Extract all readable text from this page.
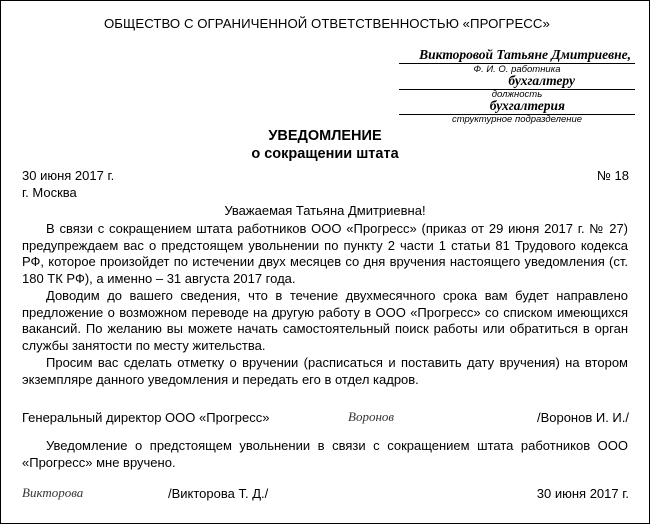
ОБЩЕСТВО С ОГРАНИЧЕННОЙ ОТВЕТСТВЕННОСТЬЮ «ПРОГРЕСС»
Викторовой Татьяне Дмитриевне,
Ф. И. О. работника
бухгалтеру
должность
бухгалтерия
структурное подразделение
УВЕДОМЛЕНИЕ
о сокращении штата
30 июня 2017 г.	№ 18
г. Москва
Уважаемая Татьяна Дмитриевна!
В связи с сокращением штата работников ООО «Прогресс» (приказ от 29 июня 2017 г. № 27) предупреждаем вас о предстоящем увольнении по пункту 2 части 1 статьи 81 Трудового кодекса РФ, которое произойдет по истечении двух месяцев со дня вручения настоящего уведомления (ст. 180 ТК РФ), а именно – 31 августа 2017 года.
Доводим до вашего сведения, что в течение двухмесячного срока вам будет направлено предложение о возможном переводе на другую работу в ООО «Прогресс» со списком имеющихся вакансий. По желанию вы можете начать самостоятельный поиск работы или обратиться в орган службы занятости по месту жительства.
Просим вас сделать отметку о вручении (расписаться и поставить дату вручения) на втором экземпляре данного уведомления и передать его в отдел кадров.
Генеральный директор ООО «Прогресс»	Воронов	/Воронов И. И./
Уведомление о предстоящем увольнении в связи с сокращением штата работников ООО «Прогресс» мне вручено.
Викторова	/Викторова Т. Д./	30 июня 2017 г.
